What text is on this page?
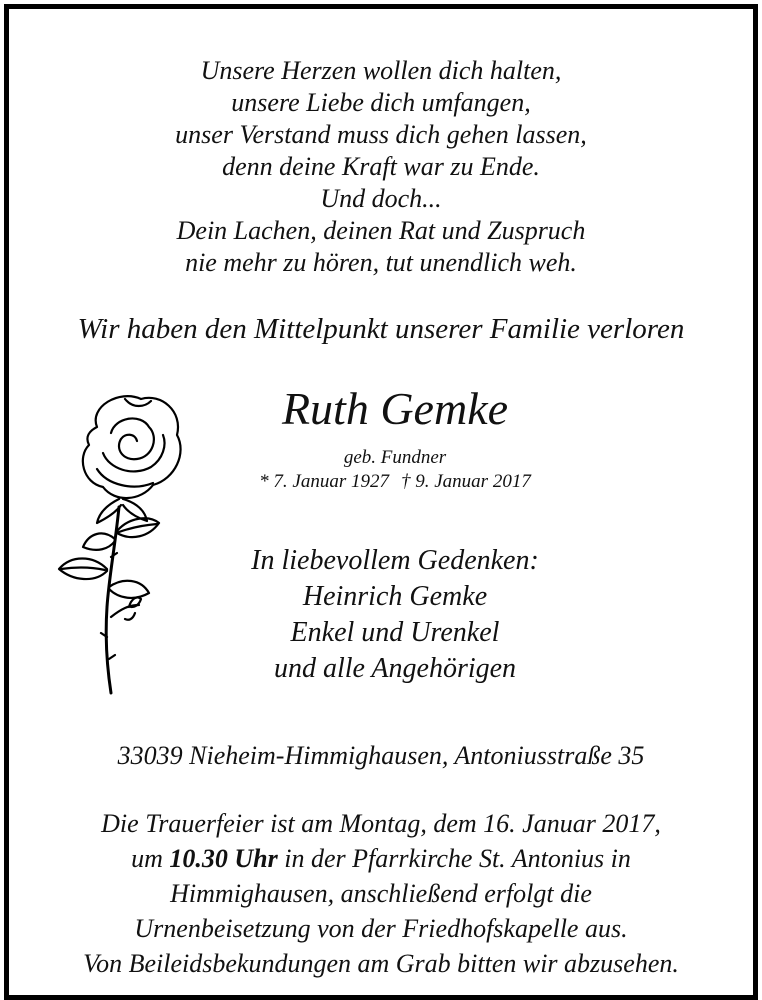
Unsere Herzen wollen dich halten,
unsere Liebe dich umfangen,
unser Verstand muss dich gehen lassen,
denn deine Kraft war zu Ende.
Und doch...
Dein Lachen, deinen Rat und Zuspruch
nie mehr zu hören, tut unendlich weh.
Wir haben den Mittelpunkt unserer Familie verloren
Ruth Gemke
geb. Fundner
* 7. Januar 1927 † 9. Januar 2017
In liebevollem Gedenken:
Heinrich Gemke
Enkel und Urenkel
und alle Angehörigen
33039 Nieheim-Himmighausen, Antoniusstraße 35
Die Trauerfeier ist am Montag, dem 16. Januar 2017,
um 10.30 Uhr in der Pfarrkirche St. Antonius in
Himmighausen, anschließend erfolgt die
Urnenbeisetzung von der Friedhofskapelle aus.
Von Beileidsbekundungen am Grab bitten wir abzusehen.
